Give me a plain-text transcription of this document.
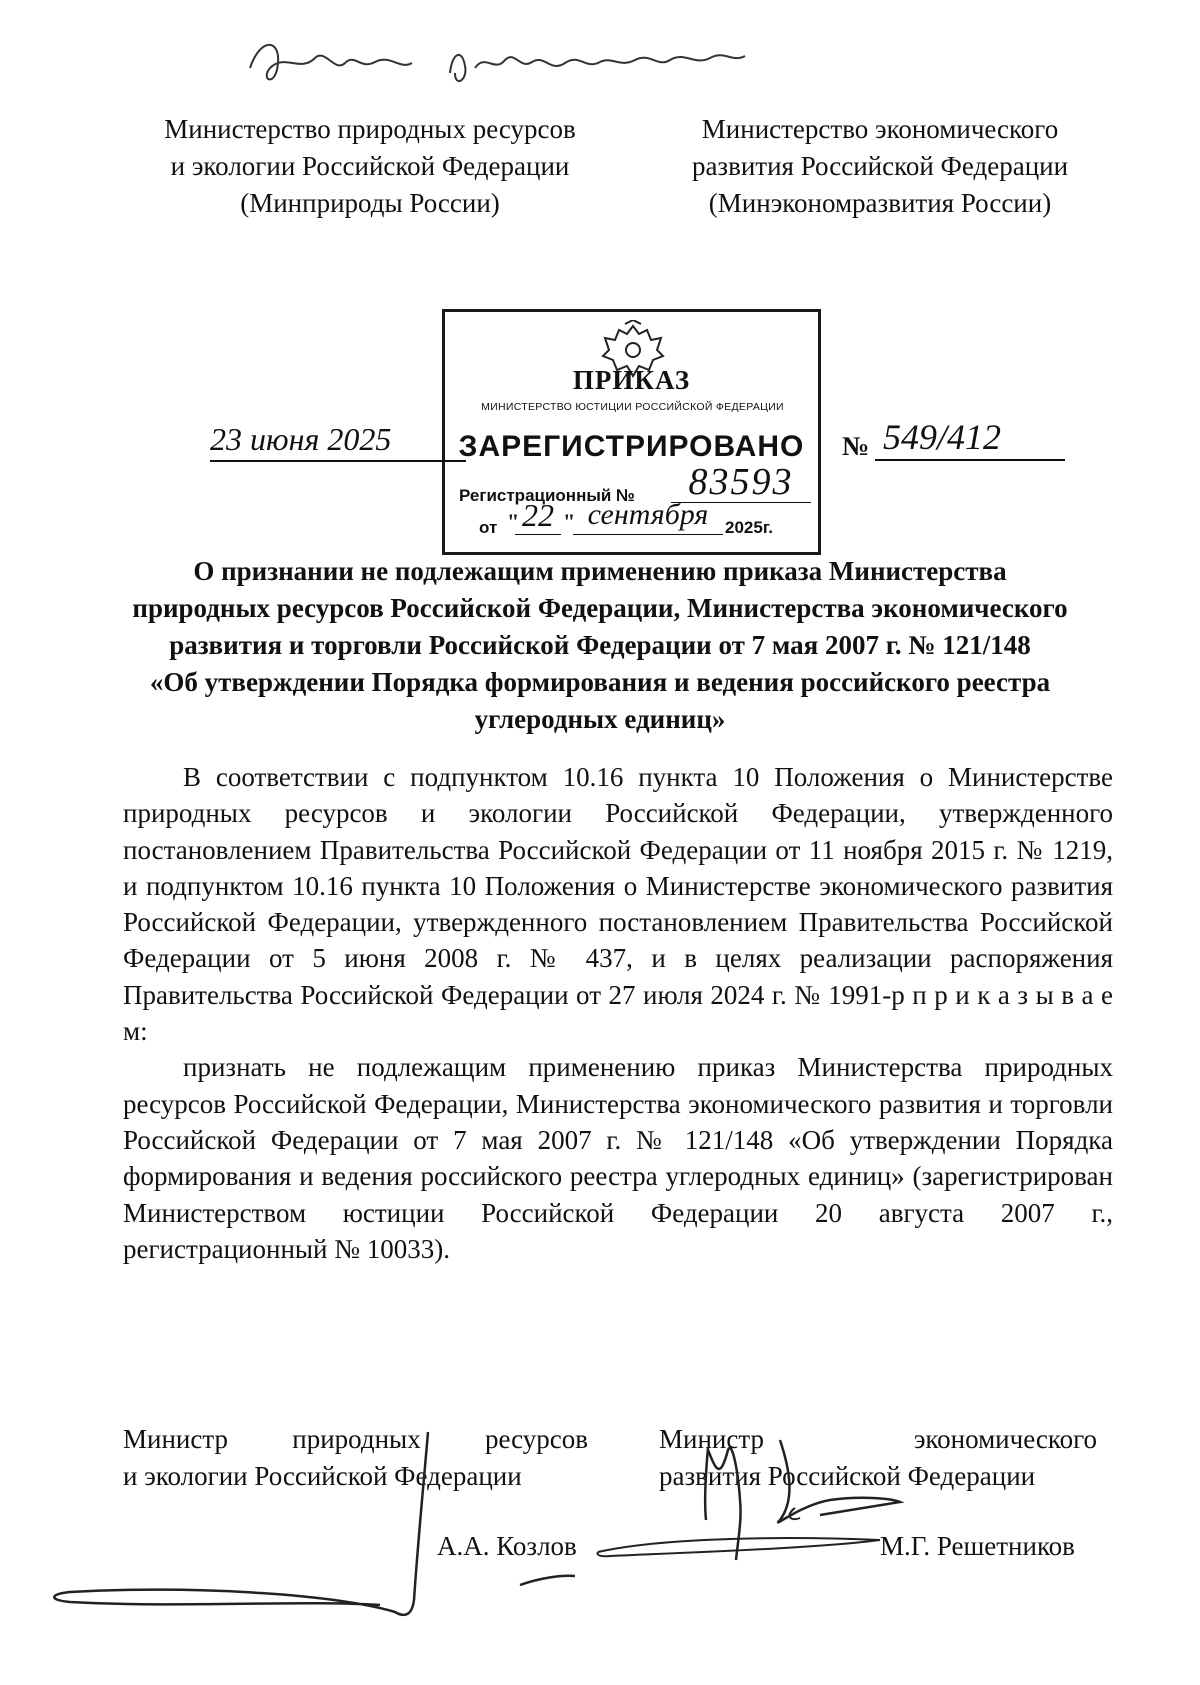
Министерство природных ресурсов
и экологии Российской Федерации
(Минприроды России)
Министерство экономического
развития Российской Федерации
(Минэкономразвития России)
ПРИКАЗ
МИНИСТЕРСТВО ЮСТИЦИИ РОССИЙСКОЙ ФЕДЕРАЦИИ
ЗАРЕГИСТРИРОВАНО
Регистрационный №	83593
от " 22 " сентября 2025г.
23 июня 2025	№ 549/412
О признании не подлежащим применению приказа Министерства
природных ресурсов Российской Федерации, Министерства экономического
развития и торговли Российской Федерации от 7 мая 2007 г. № 121/148
«Об утверждении Порядка формирования и ведения российского реестра
углеродных единиц»

В соответствии с подпунктом 10.16 пункта 10 Положения о Министерстве природных ресурсов и экологии Российской Федерации, утвержденного постановлением Правительства Российской Федерации от 11 ноября 2015 г. № 1219, и подпунктом 10.16 пункта 10 Положения о Министерстве экономического развития Российской Федерации, утвержденного постановлением Правительства Российской Федерации от 5 июня 2008 г. № 437, и в целях реализации распоряжения Правительства Российской Федерации от 27 июля 2024 г. № 1991-р п р и к а з ы в а е м:

признать не подлежащим применению приказ Министерства природных ресурсов Российской Федерации, Министерства экономического развития и торговли Российской Федерации от 7 мая 2007 г. № 121/148 «Об утверждении Порядка формирования и ведения российского реестра углеродных единиц» (зарегистрирован Министерством юстиции Российской Федерации 20 августа 2007 г., регистрационный № 10033).

Министр природных ресурсов
и экологии Российской Федерации
Министр экономического
развития Российской Федерации
А.А. Козлов	М.Г. Решетников
